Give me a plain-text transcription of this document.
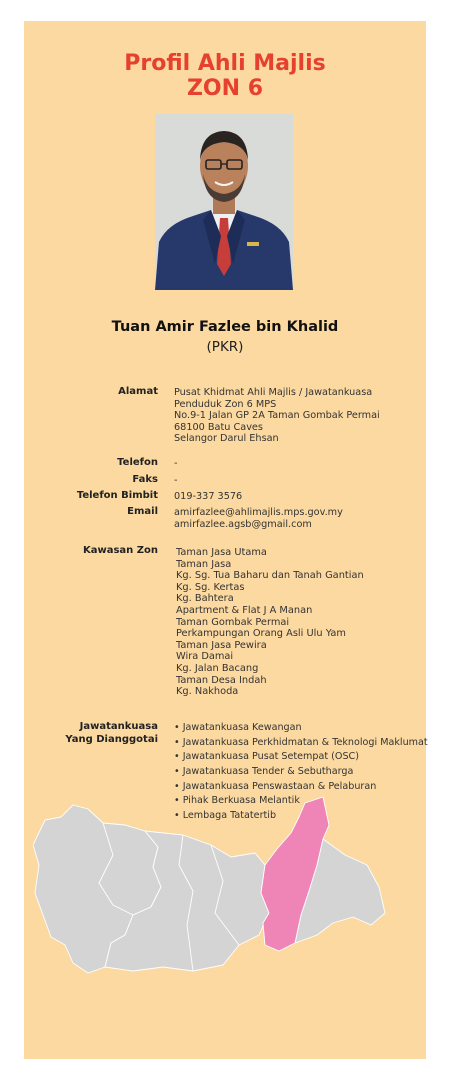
Profil Ahli Majlis
ZON 6
Tuan Amir Fazlee bin Khalid
(PKR)
Alamat Pusat Khidmat Ahli Majlis / Jawatankuasa
Penduduk Zon 6 MPS
No.9-1 Jalan GP 2A Taman Gombak Permai
68100 Batu Caves
Selangor Darul Ehsan
Telefon -
Faks -
Telefon Bimbit 019-337 3576
Email amirfazlee@ahlimajlis.mps.gov.my
amirfazlee.agsb@gmail.com
Kawasan Zon Taman Jasa Utama
Taman Jasa
Kg. Sg. Tua Baharu dan Tanah Gantian
Kg. Sg. Kertas
Kg. Bahtera
Apartment & Flat J A Manan
Taman Gombak Permai
Perkampungan Orang Asli Ulu Yam
Taman Jasa Pewira
Wira Damai
Kg. Jalan Bacang
Taman Desa Indah
Kg. Nakhoda
Jawatankuasa
Yang Dianggotai
• Jawatankuasa Kewangan
• Jawatankuasa Perkhidmatan & Teknologi Maklumat
• Jawatankuasa Pusat Setempat (OSC)
• Jawatankuasa Tender & Sebutharga
• Jawatankuasa Penswastaan & Pelaburan
• Pihak Berkuasa Melantik
• Lembaga Tatatertib
